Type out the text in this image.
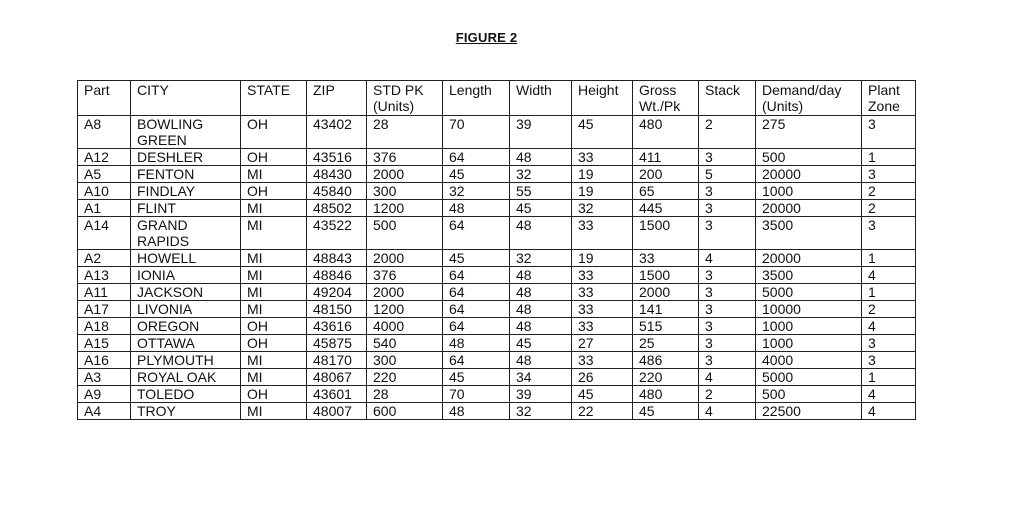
FIGURE 2
Part	CITY	STATE	ZIP	STD PK (Units)	Length	Width	Height	Gross Wt./Pk	Stack	Demand/day (Units)	Plant Zone
A8	BOWLING GREEN	OH	43402	28	70	39	45	480	2	275	3
A12	DESHLER	OH	43516	376	64	48	33	411	3	500	1
A5	FENTON	MI	48430	2000	45	32	19	200	5	20000	3
A10	FINDLAY	OH	45840	300	32	55	19	65	3	1000	2
A1	FLINT	MI	48502	1200	48	45	32	445	3	20000	2
A14	GRAND RAPIDS	MI	43522	500	64	48	33	1500	3	3500	3
A2	HOWELL	MI	48843	2000	45	32	19	33	4	20000	1
A13	IONIA	MI	48846	376	64	48	33	1500	3	3500	4
A11	JACKSON	MI	49204	2000	64	48	33	2000	3	5000	1
A17	LIVONIA	MI	48150	1200	64	48	33	141	3	10000	2
A18	OREGON	OH	43616	4000	64	48	33	515	3	1000	4
A15	OTTAWA	OH	45875	540	48	45	27	25	3	1000	3
A16	PLYMOUTH	MI	48170	300	64	48	33	486	3	4000	3
A3	ROYAL OAK	MI	48067	220	45	34	26	220	4	5000	1
A9	TOLEDO	OH	43601	28	70	39	45	480	2	500	4
A4	TROY	MI	48007	600	48	32	22	45	4	22500	4
